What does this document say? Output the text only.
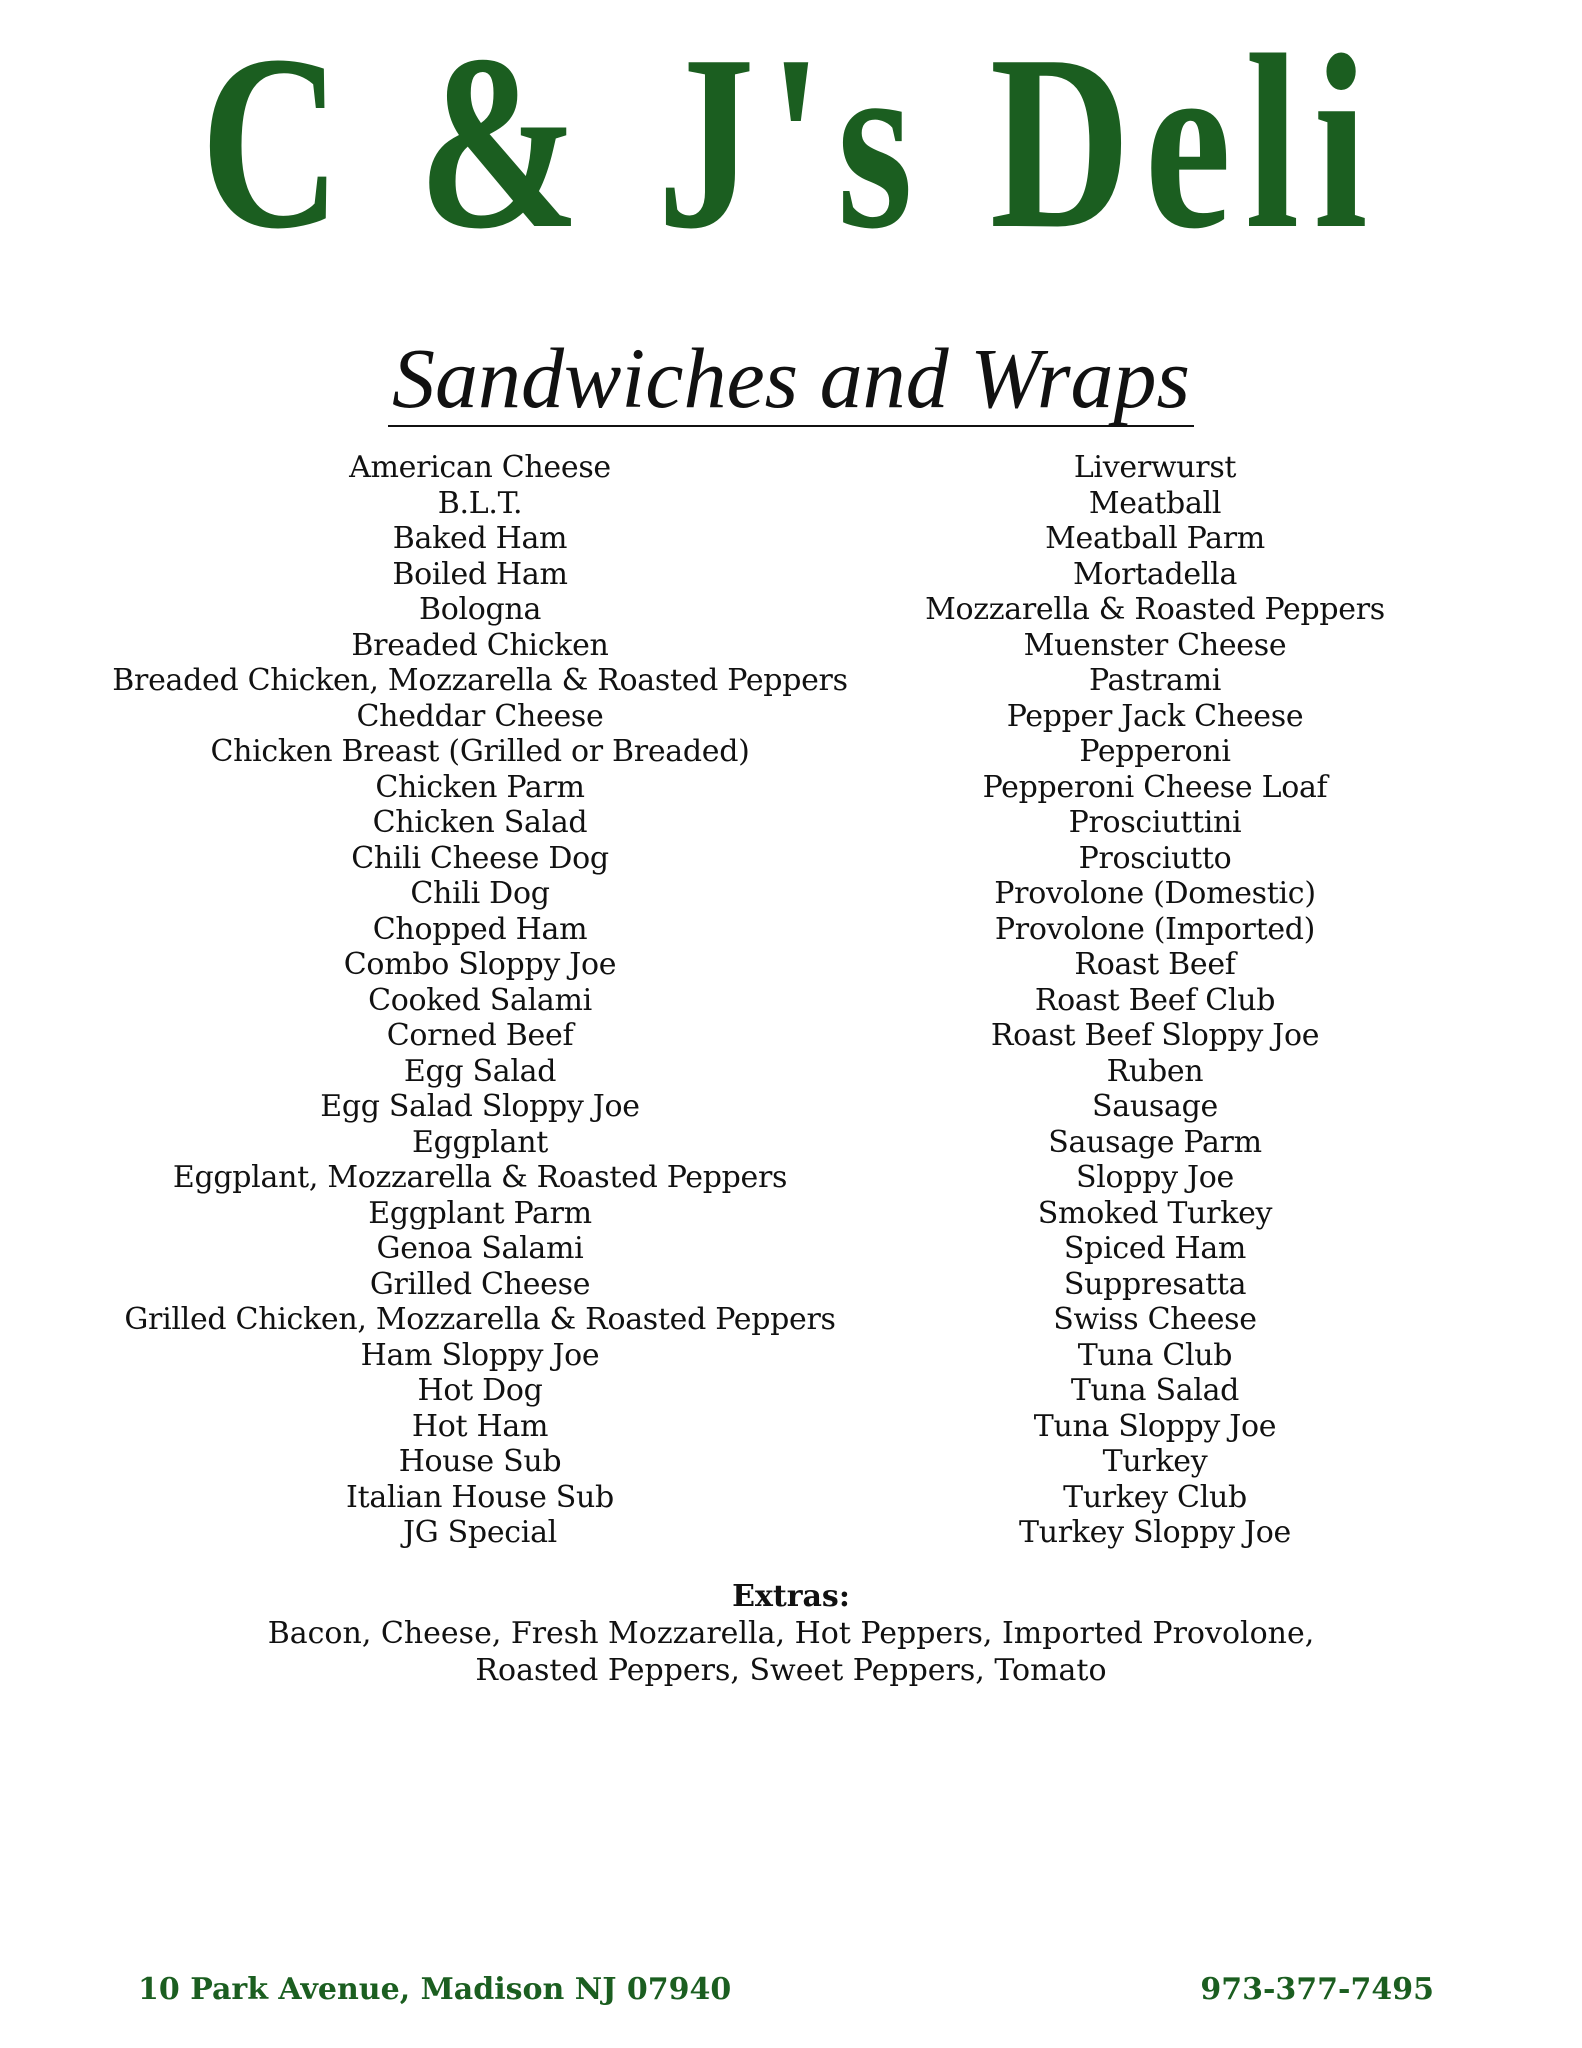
C & J's Deli
Sandwiches and Wraps
American Cheese
B.L.T.
Baked Ham
Boiled Ham
Bologna
Breaded Chicken
Breaded Chicken, Mozzarella & Roasted Peppers
Cheddar Cheese
Chicken Breast (Grilled or Breaded)
Chicken Parm
Chicken Salad
Chili Cheese Dog
Chili Dog
Chopped Ham
Combo Sloppy Joe
Cooked Salami
Corned Beef
Egg Salad
Egg Salad Sloppy Joe
Eggplant
Eggplant, Mozzarella & Roasted Peppers
Eggplant Parm
Genoa Salami
Grilled Cheese
Grilled Chicken, Mozzarella & Roasted Peppers
Ham Sloppy Joe
Hot Dog
Hot Ham
House Sub
Italian House Sub
JG Special
Liverwurst
Meatball
Meatball Parm
Mortadella
Mozzarella & Roasted Peppers
Muenster Cheese
Pastrami
Pepper Jack Cheese
Pepperoni
Pepperoni Cheese Loaf
Prosciuttini
Prosciutto
Provolone (Domestic)
Provolone (Imported)
Roast Beef
Roast Beef Club
Roast Beef Sloppy Joe
Ruben
Sausage
Sausage Parm
Sloppy Joe
Smoked Turkey
Spiced Ham
Suppresatta
Swiss Cheese
Tuna Club
Tuna Salad
Tuna Sloppy Joe
Turkey
Turkey Club
Turkey Sloppy Joe
Extras:
Bacon, Cheese, Fresh Mozzarella, Hot Peppers, Imported Provolone,
Roasted Peppers, Sweet Peppers, Tomato
10 Park Avenue, Madison NJ 07940	973-377-7495
